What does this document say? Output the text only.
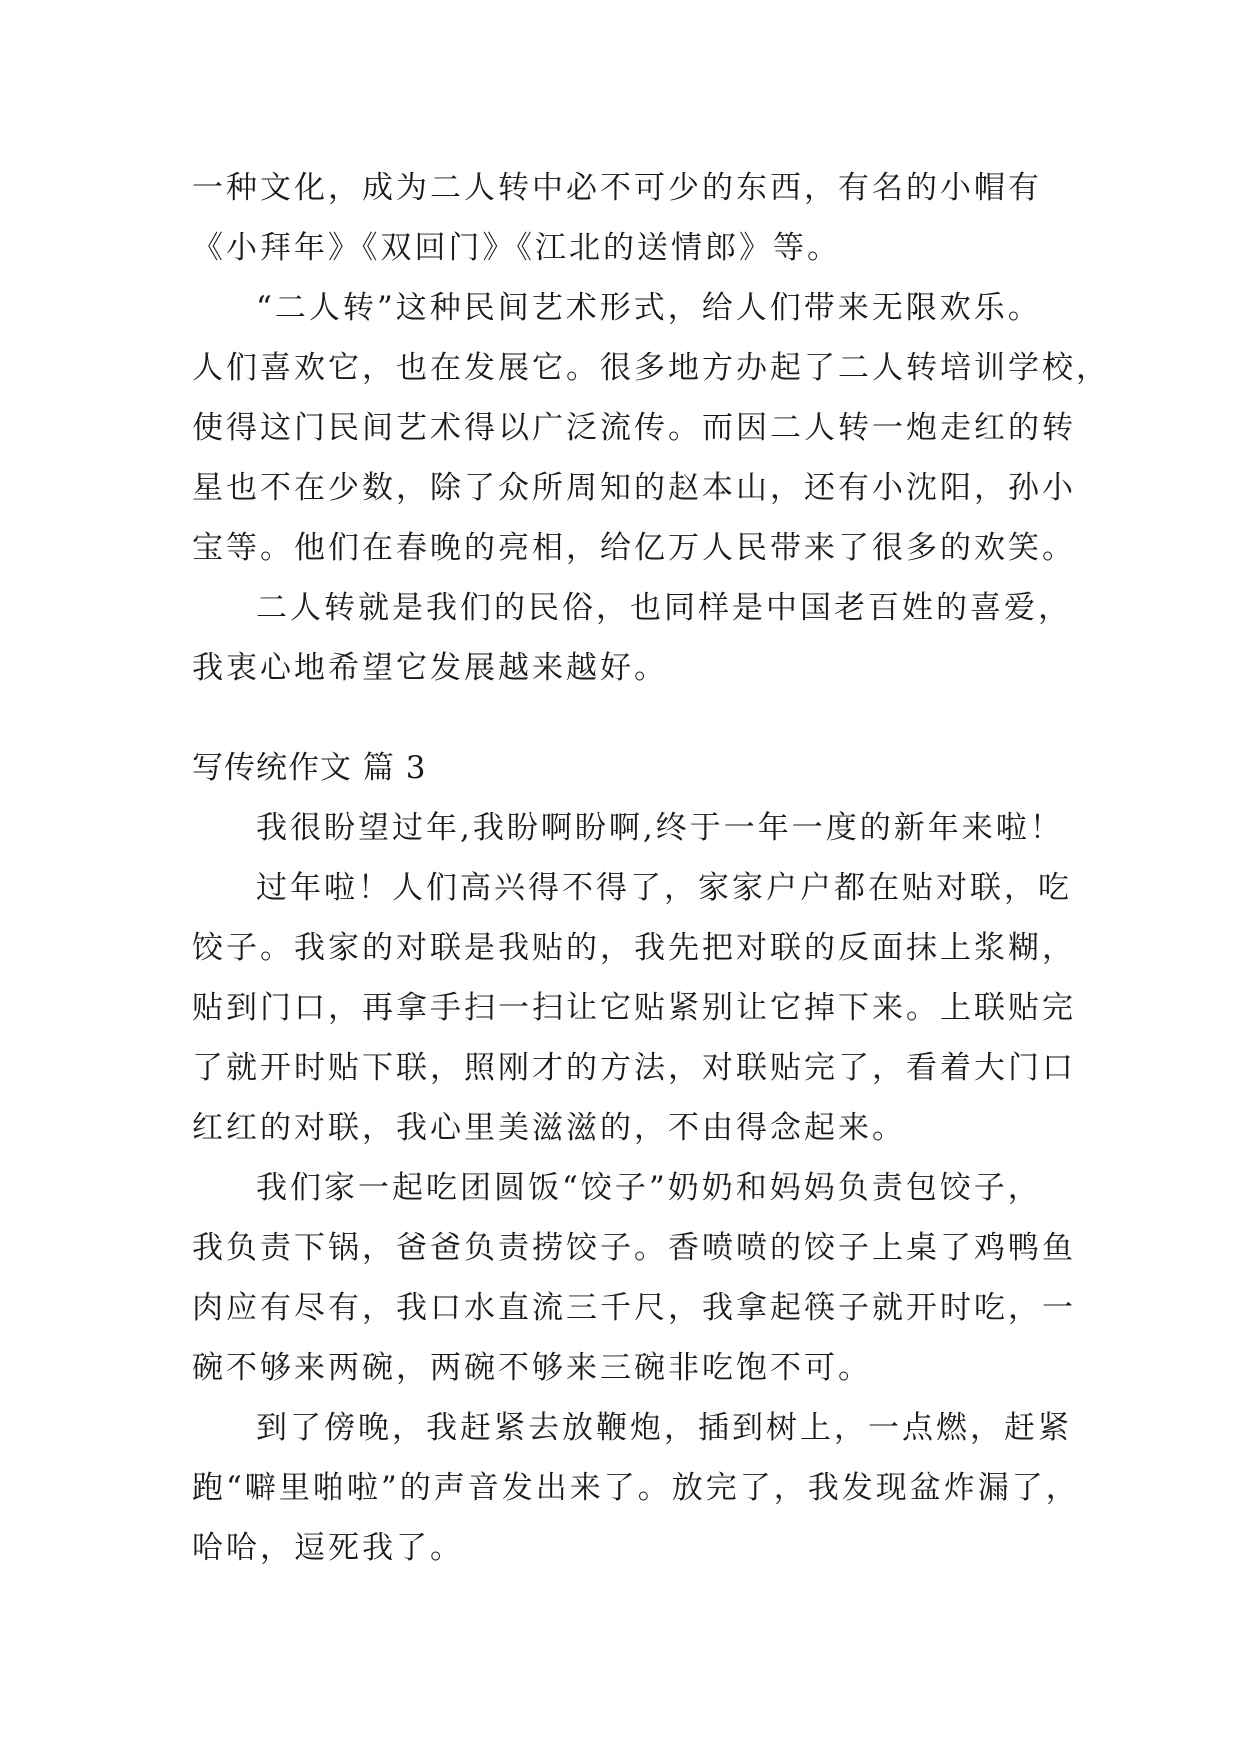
一种文化，成为二人转中必不可少的东西，有名的小帽有
《小拜年》《双回门》《江北的送情郎》等。
“二人转”这种民间艺术形式，给人们带来无限欢乐。
人们喜欢它，也在发展它。很多地方办起了二人转培训学校，
使得这门民间艺术得以广泛流传。而因二人转一炮走红的转
星也不在少数，除了众所周知的赵本山，还有小沈阳，孙小
宝等。他们在春晚的亮相，给亿万人民带来了很多的欢笑。
二人转就是我们的民俗，也同样是中国老百姓的喜爱，
我衷心地希望它发展越来越好。
写传统作文 篇 3
我很盼望过年,我盼啊盼啊,终于一年一度的新年来啦！
过年啦！人们高兴得不得了，家家户户都在贴对联，吃
饺子。我家的对联是我贴的，我先把对联的反面抹上浆糊，
贴到门口，再拿手扫一扫让它贴紧别让它掉下来。上联贴完
了就开时贴下联，照刚才的方法，对联贴完了，看着大门口
红红的对联，我心里美滋滋的，不由得念起来。
我们家一起吃团圆饭“饺子”奶奶和妈妈负责包饺子，
我负责下锅，爸爸负责捞饺子。香喷喷的饺子上桌了鸡鸭鱼
肉应有尽有，我口水直流三千尺，我拿起筷子就开时吃，一
碗不够来两碗，两碗不够来三碗非吃饱不可。
到了傍晚，我赶紧去放鞭炮，插到树上，一点燃，赶紧
跑“噼里啪啦”的声音发出来了。放完了，我发现盆炸漏了，
哈哈，逗死我了。
